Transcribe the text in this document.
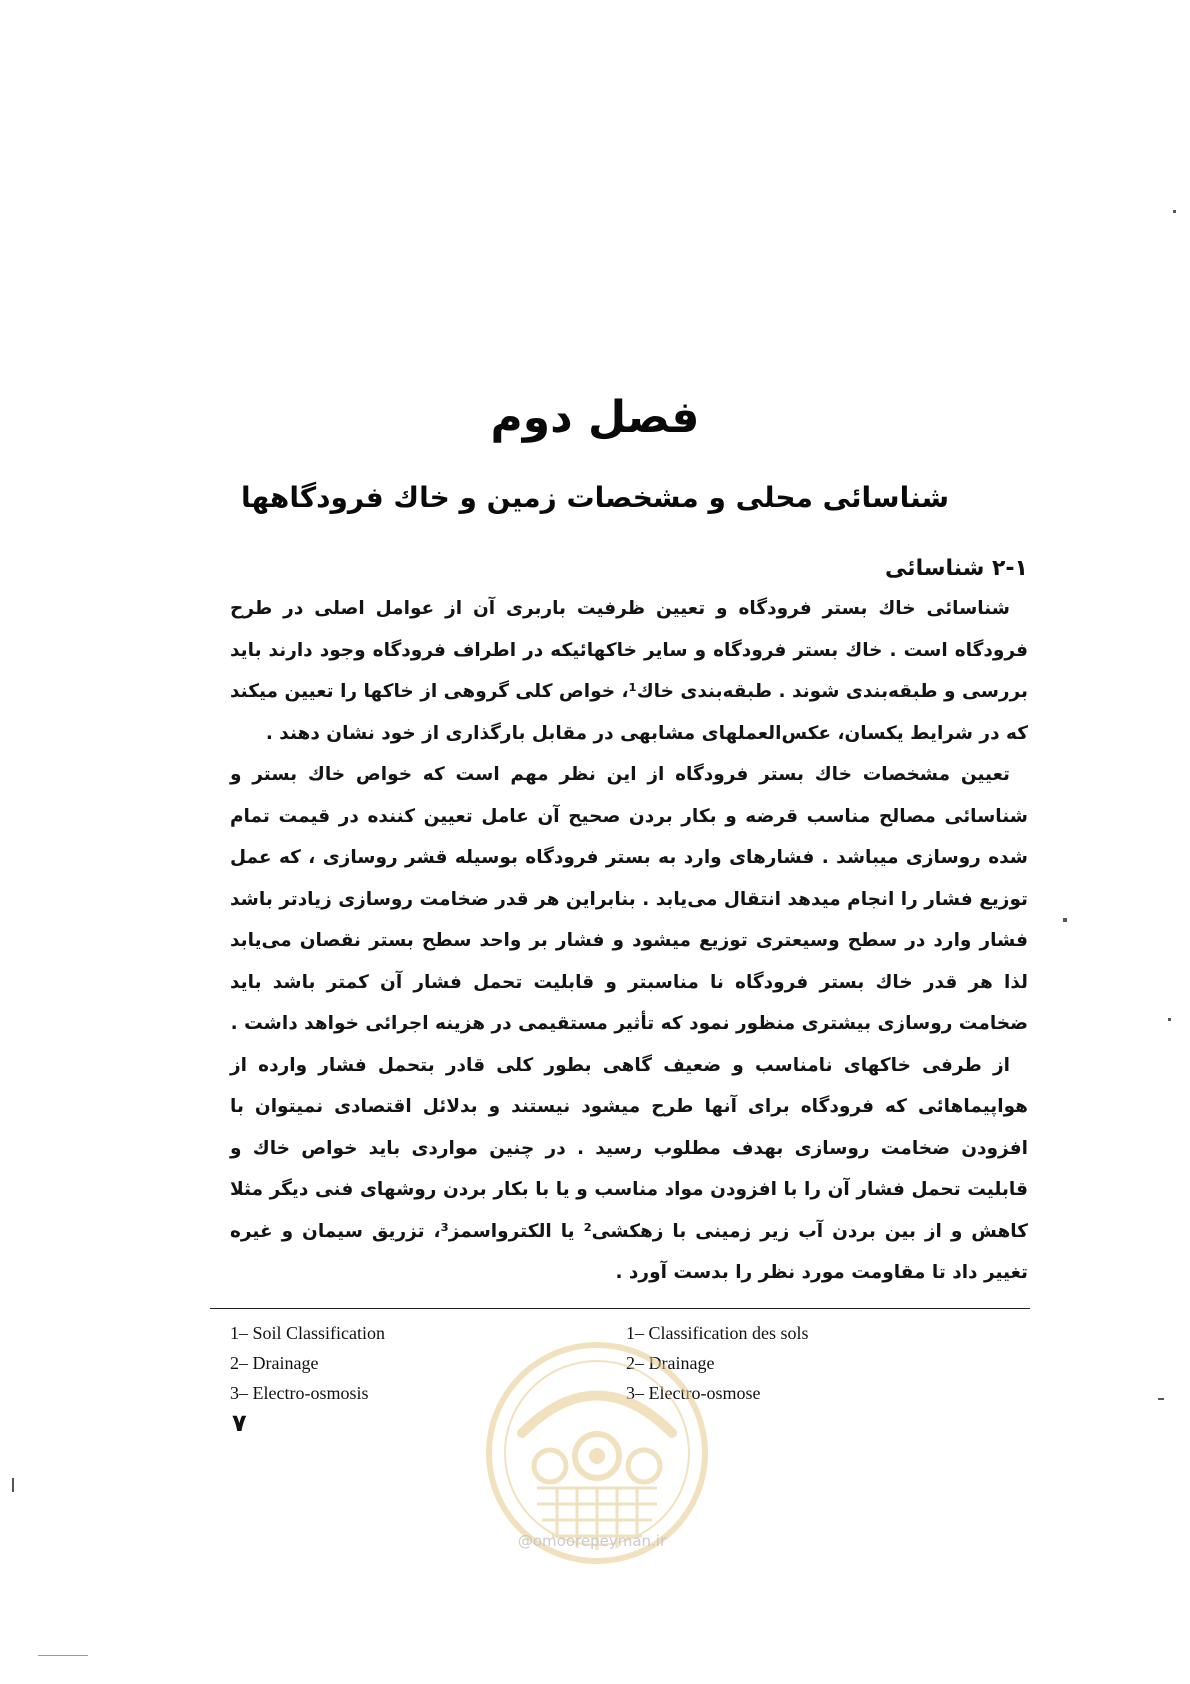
فصل دوم
شناسائی محلی و مشخصات زمین و خاك فرودگاهها
۲-۱ شناسائی

شناسائی خاك بستر فرودگاه و تعیین ظرفیت باربری آن از عوامل اصلی در طرح فرودگاه است . خاك بستر فرودگاه و سایر خاکهائیکه در اطراف فرودگاه وجود دارند باید بررسی و طبقه‌بندی شوند . طبقه‌بندی خاك¹، خواص کلی گروهی از خاکها را تعیین میکند که در شرایط یکسان، عکس‌العملهای مشابهی در مقابل بارگذاری از خود نشان دهند .

تعیین مشخصات خاك بستر فرودگاه از این نظر مهم است که خواص خاك بستر و شناسائی مصالح مناسب قرضه و بکار بردن صحیح آن عامل تعیین کننده در قیمت تمام شده روسازی میباشد . فشارهای وارد به بستر فرودگاه بوسیله قشر روسازی ، که عمل توزیع فشار را انجام میدهد انتقال می‌یابد . بنابراین هر قدر ضخامت روسازی زیادتر باشد فشار وارد در سطح وسیعتری توزیع میشود و فشار بر واحد سطح بستر نقصان می‌یابد لذا هر قدر خاك بستر فرودگاه نا مناسبتر و قابلیت تحمل فشار آن کمتر باشد باید ضخامت روسازی بیشتری منظور نمود که تأثیر مستقیمی در هزینه اجرائی خواهد داشت .

از طرفی خاکهای نامناسب و ضعیف گاهی بطور کلی قادر بتحمل فشار وارده از هواپیماهائی که فرودگاه برای آنها طرح میشود نیستند و بدلائل اقتصادی نمیتوان با افزودن ضخامت روسازی بهدف مطلوب رسید . در چنین مواردی باید خواص خاك و قابلیت تحمل فشار آن را با افزودن مواد مناسب و یا با بکار بردن روشهای فنی دیگر مثلا کاهش و از بین بردن آب زیر زمینی با زهکشی² یا الکترواسمز³، تزریق سیمان و غیره تغییر داد تا مقاومت مورد نظر را بدست آورد .

1– Soil Classification
2– Drainage
3– Electro-osmosis
1– Classification des sols
2– Drainage
3– Electro-osmose
۷
@omoorepeyman.ir
